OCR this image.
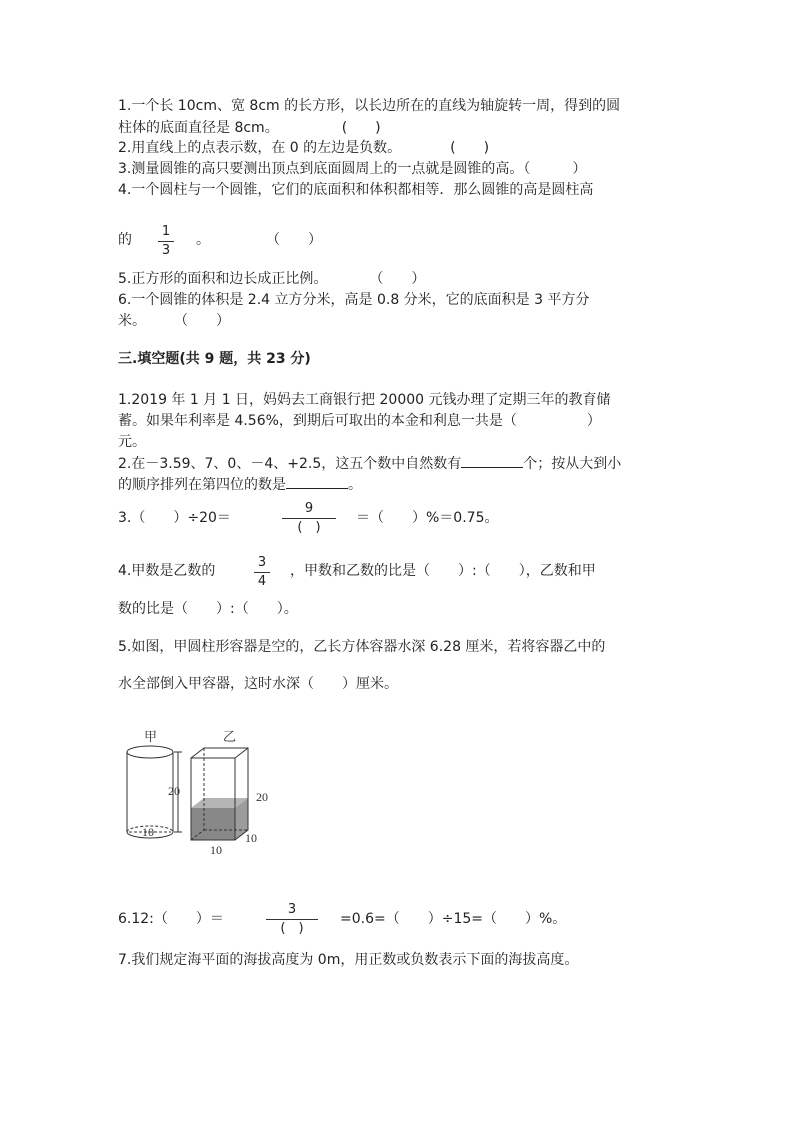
1.一个长 10cm、宽 8cm 的长方形，以长边所在的直线为轴旋转一周，得到的圆
柱体的底面直径是 8cm。　　　　　(　　)
2.用直线上的点表示数，在 0 的左边是负数。　　　　(　　)
3.测量圆锥的高只要测出顶点到底面圆周上的一点就是圆锥的高。（　　　）
4.一个圆柱与一个圆锥，它们的底面积和体积都相等．那么圆锥的高是圆柱高
的
1
3
。　　　　　（　　）
5.正方形的面积和边长成正比例。　　　　（　　）
6.一个圆锥的体积是 2.4 立方分米，高是 0.8 分米，它的底面积是 3 平方分
米。　　　（　　）
三.填空题(共 9 题，共 23 分)
1.2019 年 1 月 1 日，妈妈去工商银行把 20000 元钱办理了定期三年的教育储
蓄。如果年利率是 4.56%，到期后可取出的本金和利息一共是（　　　　　）
元。
2.在－3.59、7、0、－4、+2.5，这五个数中自然数有	个；按从大到小
的顺序排列在第四位的数是	。
3.（　　）÷20＝
9
(　)
＝（　　）%＝0.75。
4.甲数是乙数的
3
4
，甲数和乙数的比是（　　）:（　　），乙数和甲
数的比是（　　）:（　　）。
5.如图，甲圆柱形容器是空的，乙长方体容器水深 6.28 厘米，若将容器乙中的
水全部倒入甲容器，这时水深（　　）厘米。
甲
20
10
乙
20
10
10
6.12:（　　）＝
3
(　)
=0.6=（　　）÷15=（　　）%。
7.我们规定海平面的海拔高度为 0m，用正数或负数表示下面的海拔高度。
